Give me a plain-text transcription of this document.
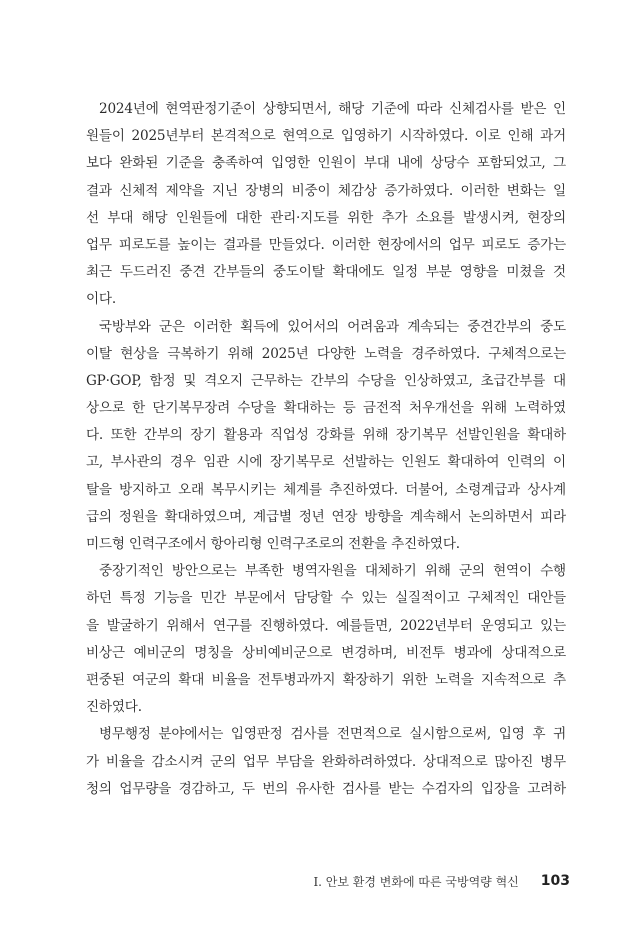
2024년에 현역판정기준이 상향되면서, 해당 기준에 따라 신체검사를 받은 인
원들이 2025년부터 본격적으로 현역으로 입영하기 시작하였다. 이로 인해 과거
보다 완화된 기준을 충족하여 입영한 인원이 부대 내에 상당수 포함되었고, 그
결과 신체적 제약을 지닌 장병의 비중이 체감상 증가하였다. 이러한 변화는 일
선 부대 해당 인원들에 대한 관리·지도를 위한 추가 소요를 발생시켜, 현장의
업무 피로도를 높이는 결과를 만들었다. 이러한 현장에서의 업무 피로도 증가는
최근 두드러진 중견 간부들의 중도이탈 확대에도 일정 부분 영향을 미쳤을 것
이다.
국방부와 군은 이러한 획득에 있어서의 어려움과 계속되는 중견간부의 중도
이탈 현상을 극복하기 위해 2025년 다양한 노력을 경주하였다. 구체적으로는
GP·GOP, 함정 및 격오지 근무하는 간부의 수당을 인상하였고, 초급간부를 대
상으로 한 단기복무장려 수당을 확대하는 등 금전적 처우개선을 위해 노력하였
다. 또한 간부의 장기 활용과 직업성 강화를 위해 장기복무 선발인원을 확대하
고, 부사관의 경우 임관 시에 장기복무로 선발하는 인원도 확대하여 인력의 이
탈을 방지하고 오래 복무시키는 체계를 추진하였다. 더불어, 소령계급과 상사계
급의 정원을 확대하였으며, 계급별 정년 연장 방향을 계속해서 논의하면서 피라
미드형 인력구조에서 항아리형 인력구조로의 전환을 추진하였다.
중장기적인 방안으로는 부족한 병역자원을 대체하기 위해 군의 현역이 수행
하던 특정 기능을 민간 부문에서 담당할 수 있는 실질적이고 구체적인 대안들
을 발굴하기 위해서 연구를 진행하였다. 예를들면, 2022년부터 운영되고 있는
비상근 예비군의 명칭을 상비예비군으로 변경하며, 비전투 병과에 상대적으로
편중된 여군의 확대 비율을 전투병과까지 확장하기 위한 노력을 지속적으로 추
진하였다.
병무행정 분야에서는 입영판정 검사를 전면적으로 실시함으로써, 입영 후 귀
가 비율을 감소시켜 군의 업무 부담을 완화하려하였다. 상대적으로 많아진 병무
청의 업무량을 경감하고, 두 번의 유사한 검사를 받는 수검자의 입장을 고려하
I. 안보 환경 변화에 따른 국방역량 혁신 103
